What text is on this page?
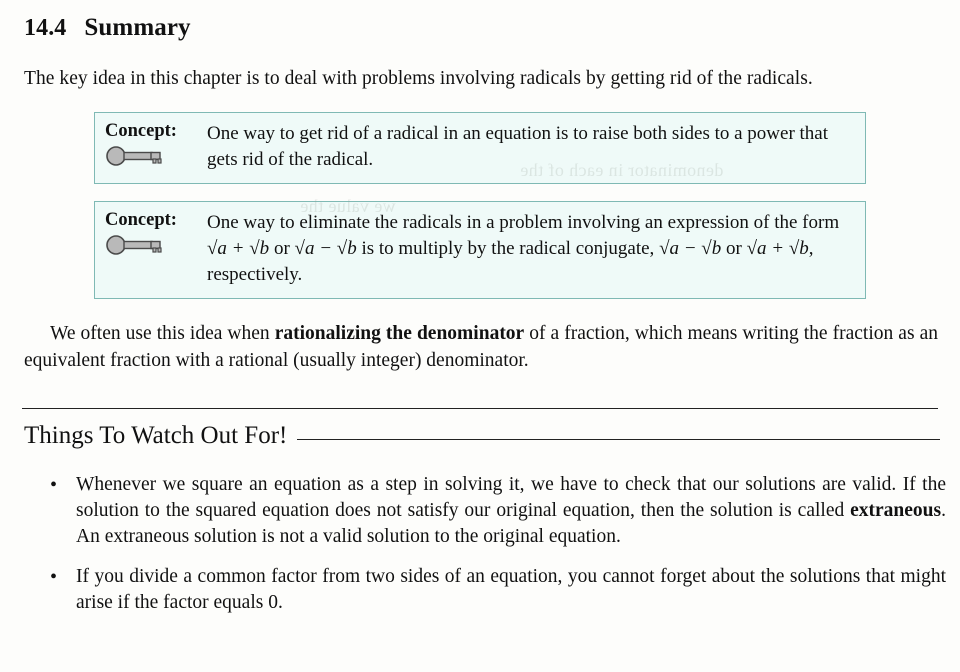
denominator in each of the
we value the
14.4 Summary
The key idea in this chapter is to deal with problems involving radicals by getting rid of the radicals.
Concept: One way to get rid of a radical in an equation is to raise both sides to a power that gets rid of the radical.
Concept: One way to eliminate the radicals in a problem involving an expression of the form √a + √b or √a − √b is to multiply by the radical conjugate, √a − √b or √a + √b, respectively.
We often use this idea when rationalizing the denominator of a fraction, which means writing the fraction as an equivalent fraction with a rational (usually integer) denominator.
Things To Watch Out For!
• Whenever we square an equation as a step in solving it, we have to check that our solutions are valid. If the solution to the squared equation does not satisfy our original equation, then the solution is called extraneous. An extraneous solution is not a valid solution to the original equation.
• If you divide a common factor from two sides of an equation, you cannot forget about the solutions that might arise if the factor equals 0.
